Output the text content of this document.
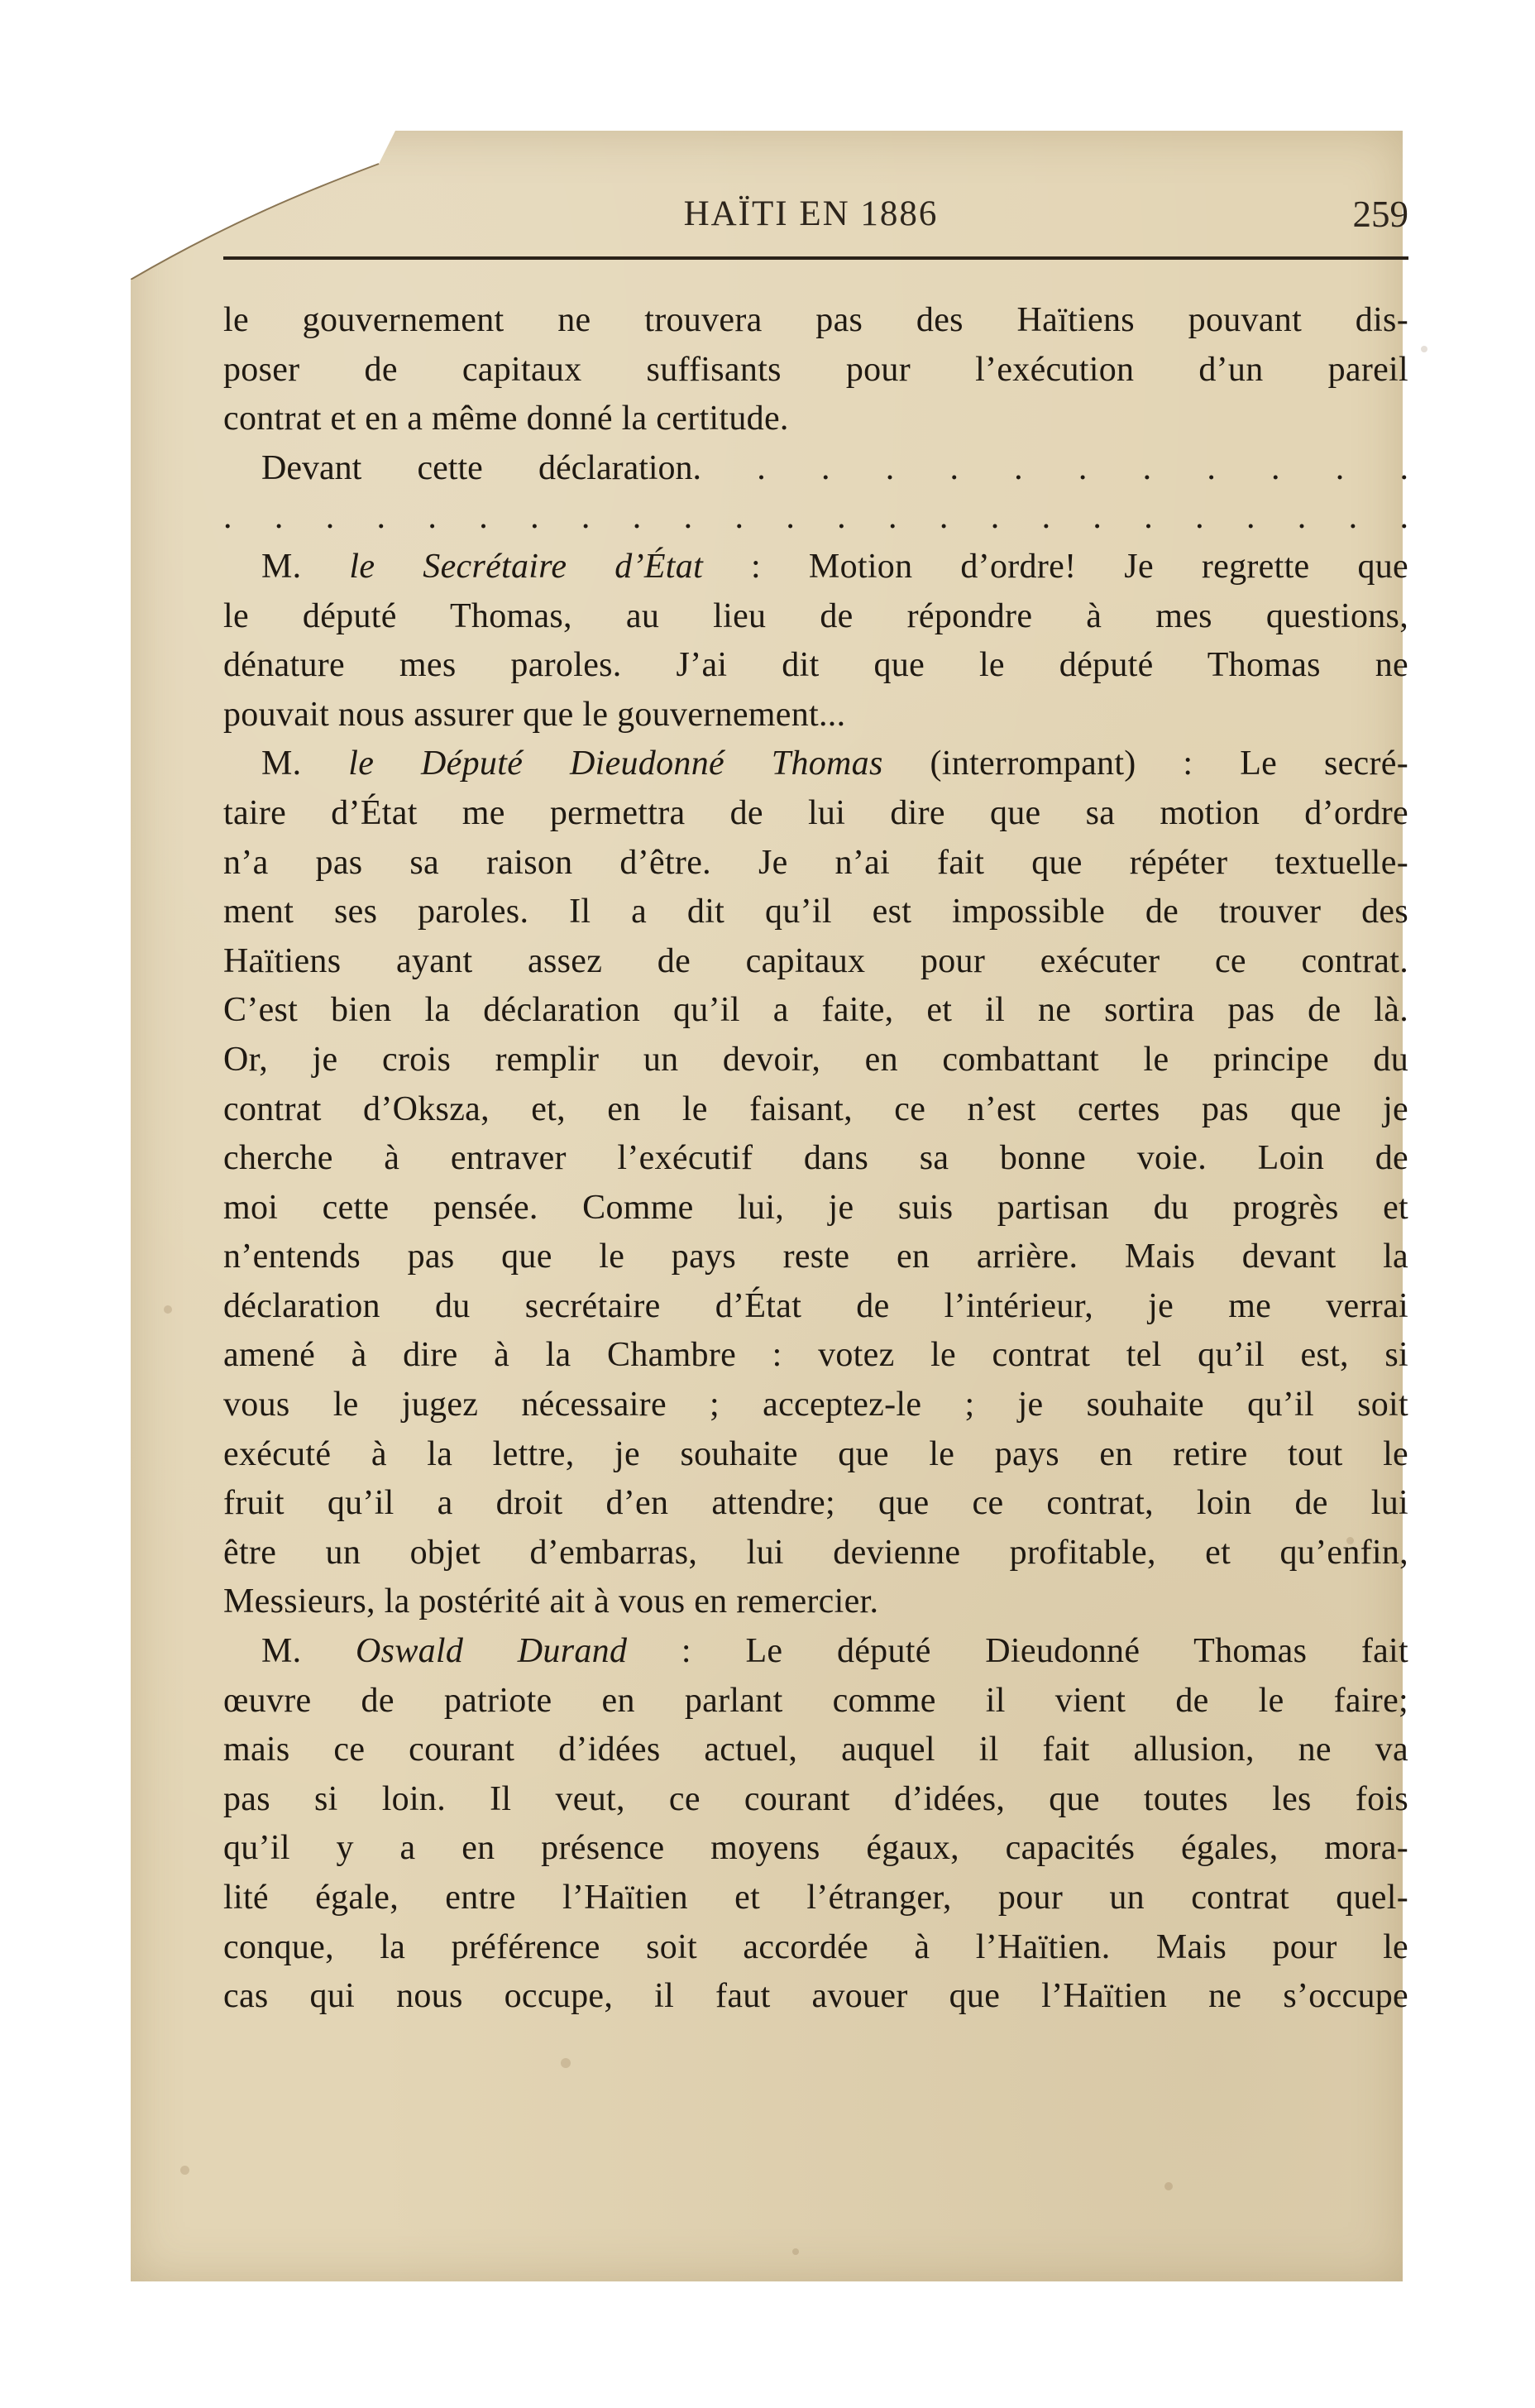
HAÏTI EN 1886	259
le gouvernement ne trouvera pas des Haïtiens pouvant dis-
poser de capitaux suffisants pour l’exécution d’un pareil
contrat et en a même donné la certitude.
Devant cette déclaration. . . . . . . . . . . .
. . . . . . . . . . . . . . . . . . . . . . . .
M. le Secrétaire d’État : Motion d’ordre! Je regrette que
le député Thomas, au lieu de répondre à mes questions,
dénature mes paroles. J’ai dit que le député Thomas ne
pouvait nous assurer que le gouvernement...
M. le Député Dieudonné Thomas (interrompant) : Le secré-
taire d’État me permettra de lui dire que sa motion d’ordre
n’a pas sa raison d’être. Je n’ai fait que répéter textuelle-
ment ses paroles. Il a dit qu’il est impossible de trouver des
Haïtiens ayant assez de capitaux pour exécuter ce contrat.
C’est bien la déclaration qu’il a faite, et il ne sortira pas de là.
Or, je crois remplir un devoir, en combattant le principe du
contrat d’Oksza, et, en le faisant, ce n’est certes pas que je
cherche à entraver l’exécutif dans sa bonne voie. Loin de
moi cette pensée. Comme lui, je suis partisan du progrès et
n’entends pas que le pays reste en arrière. Mais devant la
déclaration du secrétaire d’État de l’intérieur, je me verrai
amené à dire à la Chambre : votez le contrat tel qu’il est, si
vous le jugez nécessaire ; acceptez-le ; je souhaite qu’il soit
exécuté à la lettre, je souhaite que le pays en retire tout le
fruit qu’il a droit d’en attendre; que ce contrat, loin de lui
être un objet d’embarras, lui devienne profitable, et qu’enfin,
Messieurs, la postérité ait à vous en remercier.
M. Oswald Durand : Le député Dieudonné Thomas fait
œuvre de patriote en parlant comme il vient de le faire;
mais ce courant d’idées actuel, auquel il fait allusion, ne va
pas si loin. Il veut, ce courant d’idées, que toutes les fois
qu’il y a en présence moyens égaux, capacités égales, mora-
lité égale, entre l’Haïtien et l’étranger, pour un contrat quel-
conque, la préférence soit accordée à l’Haïtien. Mais pour le
cas qui nous occupe, il faut avouer que l’Haïtien ne s’occupe
